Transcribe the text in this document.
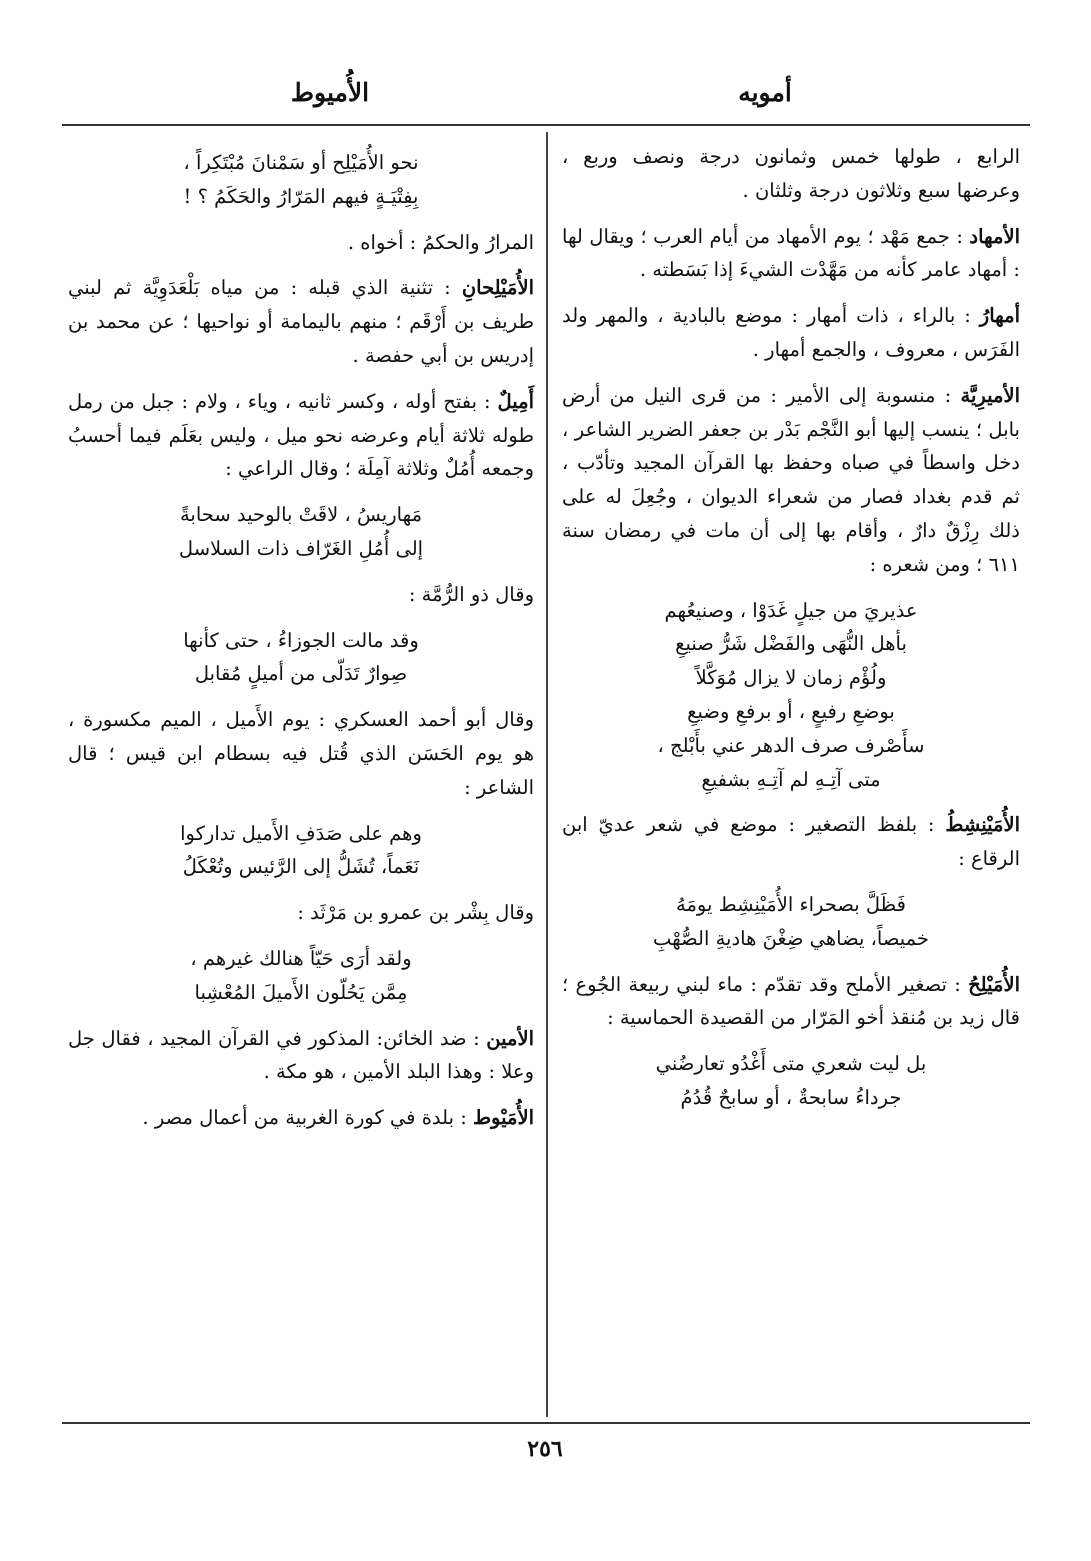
أمويه
الأُميوط

الرابع ، طولها خمس وثمانون درجة ونصف وربع ، وعرضها سبع وثلاثون درجة وثلثان .

الأمهاد : جمع مَهْد ؛ يوم الأمهاد من أيام العرب ؛ ويقال لها : أمهاد عامر كأنه من مَهَّدْت الشيءَ إذا بَسَطته .

أمهارُ : بالراء ، ذات أمهار : موضع بالبادية ، والمهر ولد الفَرَس ، معروف ، والجمع أمهار .

الأميرِيَّة : منسوبة إلى الأمير : من قرى النيل من أرض بابل ؛ ينسب إليها أبو النَّجْم بَدْر بن جعفر الضرير الشاعر ، دخل واسطاً في صباه وحفظ بها القرآن المجيد وتأدّب ، ثم قدم بغداد فصار من شعراء الديوان ، وجُعِلَ له على ذلك رِزْقٌ دارٌ ، وأقام بها إلى أن مات في رمضان سنة ٦١١ ؛ ومن شعره :

عذيريَ من جيلٍ غَدَوْا ، وصنيعُهم
بأهل النُّهَى والفَضْل شَرُّ صنيعِ
ولُؤْم زمان لا يزال مُوَكَّلاً
بوضعِ رفيعٍ ، أو برفعِ وضيعِ
سأَصْرف صرف الدهر عني بأَبْلج ،
متى آتِـهِ لم آتِـهِ بشفيعِ

الأُمَيْنِشِطُ : بلفظ التصغير : موضع في شعر عديّ ابن الرقاع :

فَظَلَّ بصحراء الأُمَيْنِشِط يومَهُ
خميصاً، يضاهي ضِغْنَ هاديةِ الصُّهْبِ

الأُمَيْلِحُ : تصغير الأملح وقد تقدّم : ماء لبني ربيعة الجُوع ؛ قال زيد بن مُنقذ أخو المَرّار من القصيدة الحماسية :

بل ليت شعري متى أَغْدُو تعارضُني
جرداءُ سابحةٌ ، أو سابحٌ قُدُمُ
نحو الأُمَيْلِح أو سَمْنانَ مُبْتَكِراً ،
بِفِتْيَـةٍ فيهم المَرّارُ والحَكَمُ ؟ !

المرارُ والحكمُ : أخواه .

الأُمَيْلِحانِ : تثنية الذي قبله : من مياه بَلْعَدَوِيَّة ثم لبني طريف بن أَرْقَم ؛ منهم باليمامة أو نواحيها ؛ عن محمد بن إدريس بن أبي حفصة .

أَمِيلٌ : بفتح أوله ، وكسر ثانيه ، وياء ، ولام : جبل من رمل طوله ثلاثة أيام وعرضه نحو ميل ، وليس بعَلَم فيما أحسبُ وجمعه أُمُلٌ وثلاثة آمِلَة ؛ وقال الراعي :

مَهاريسُ ، لاقَتْ بالوحيد سحابةً
إلى أُمُلِ الغَرّاف ذات السلاسل

وقال ذو الرُّمَّة :

وقد مالت الجوزاءُ ، حتى كأنها
صِوارٌ تَدَلّى من أميلٍ مُقابل

وقال أبو أحمد العسكري : يوم الأَميل ، الميم مكسورة ، هو يوم الحَسَن الذي قُتل فيه بسطام ابن قيس ؛ قال الشاعر :

وهم على صَدَفِ الأَميل تداركوا
نَعَماً، تُشَلُّ إلى الرَّئيس وتُعْكَلُ

وقال بِشْر بن عمرو بن مَرْثَد :

ولقد أرَى حَيّاً هنالك غيرهم ،
مِمَّن يَحُلّون الأَميلَ المُعْشِبا

الأمين : ضد الخائن: المذكور في القرآن المجيد ، فقال جل وعلا : وهذا البلد الأمين ، هو مكة .

الأُمَيْوط : بلدة في كورة الغربية من أعمال مصر .

٢٥٦
